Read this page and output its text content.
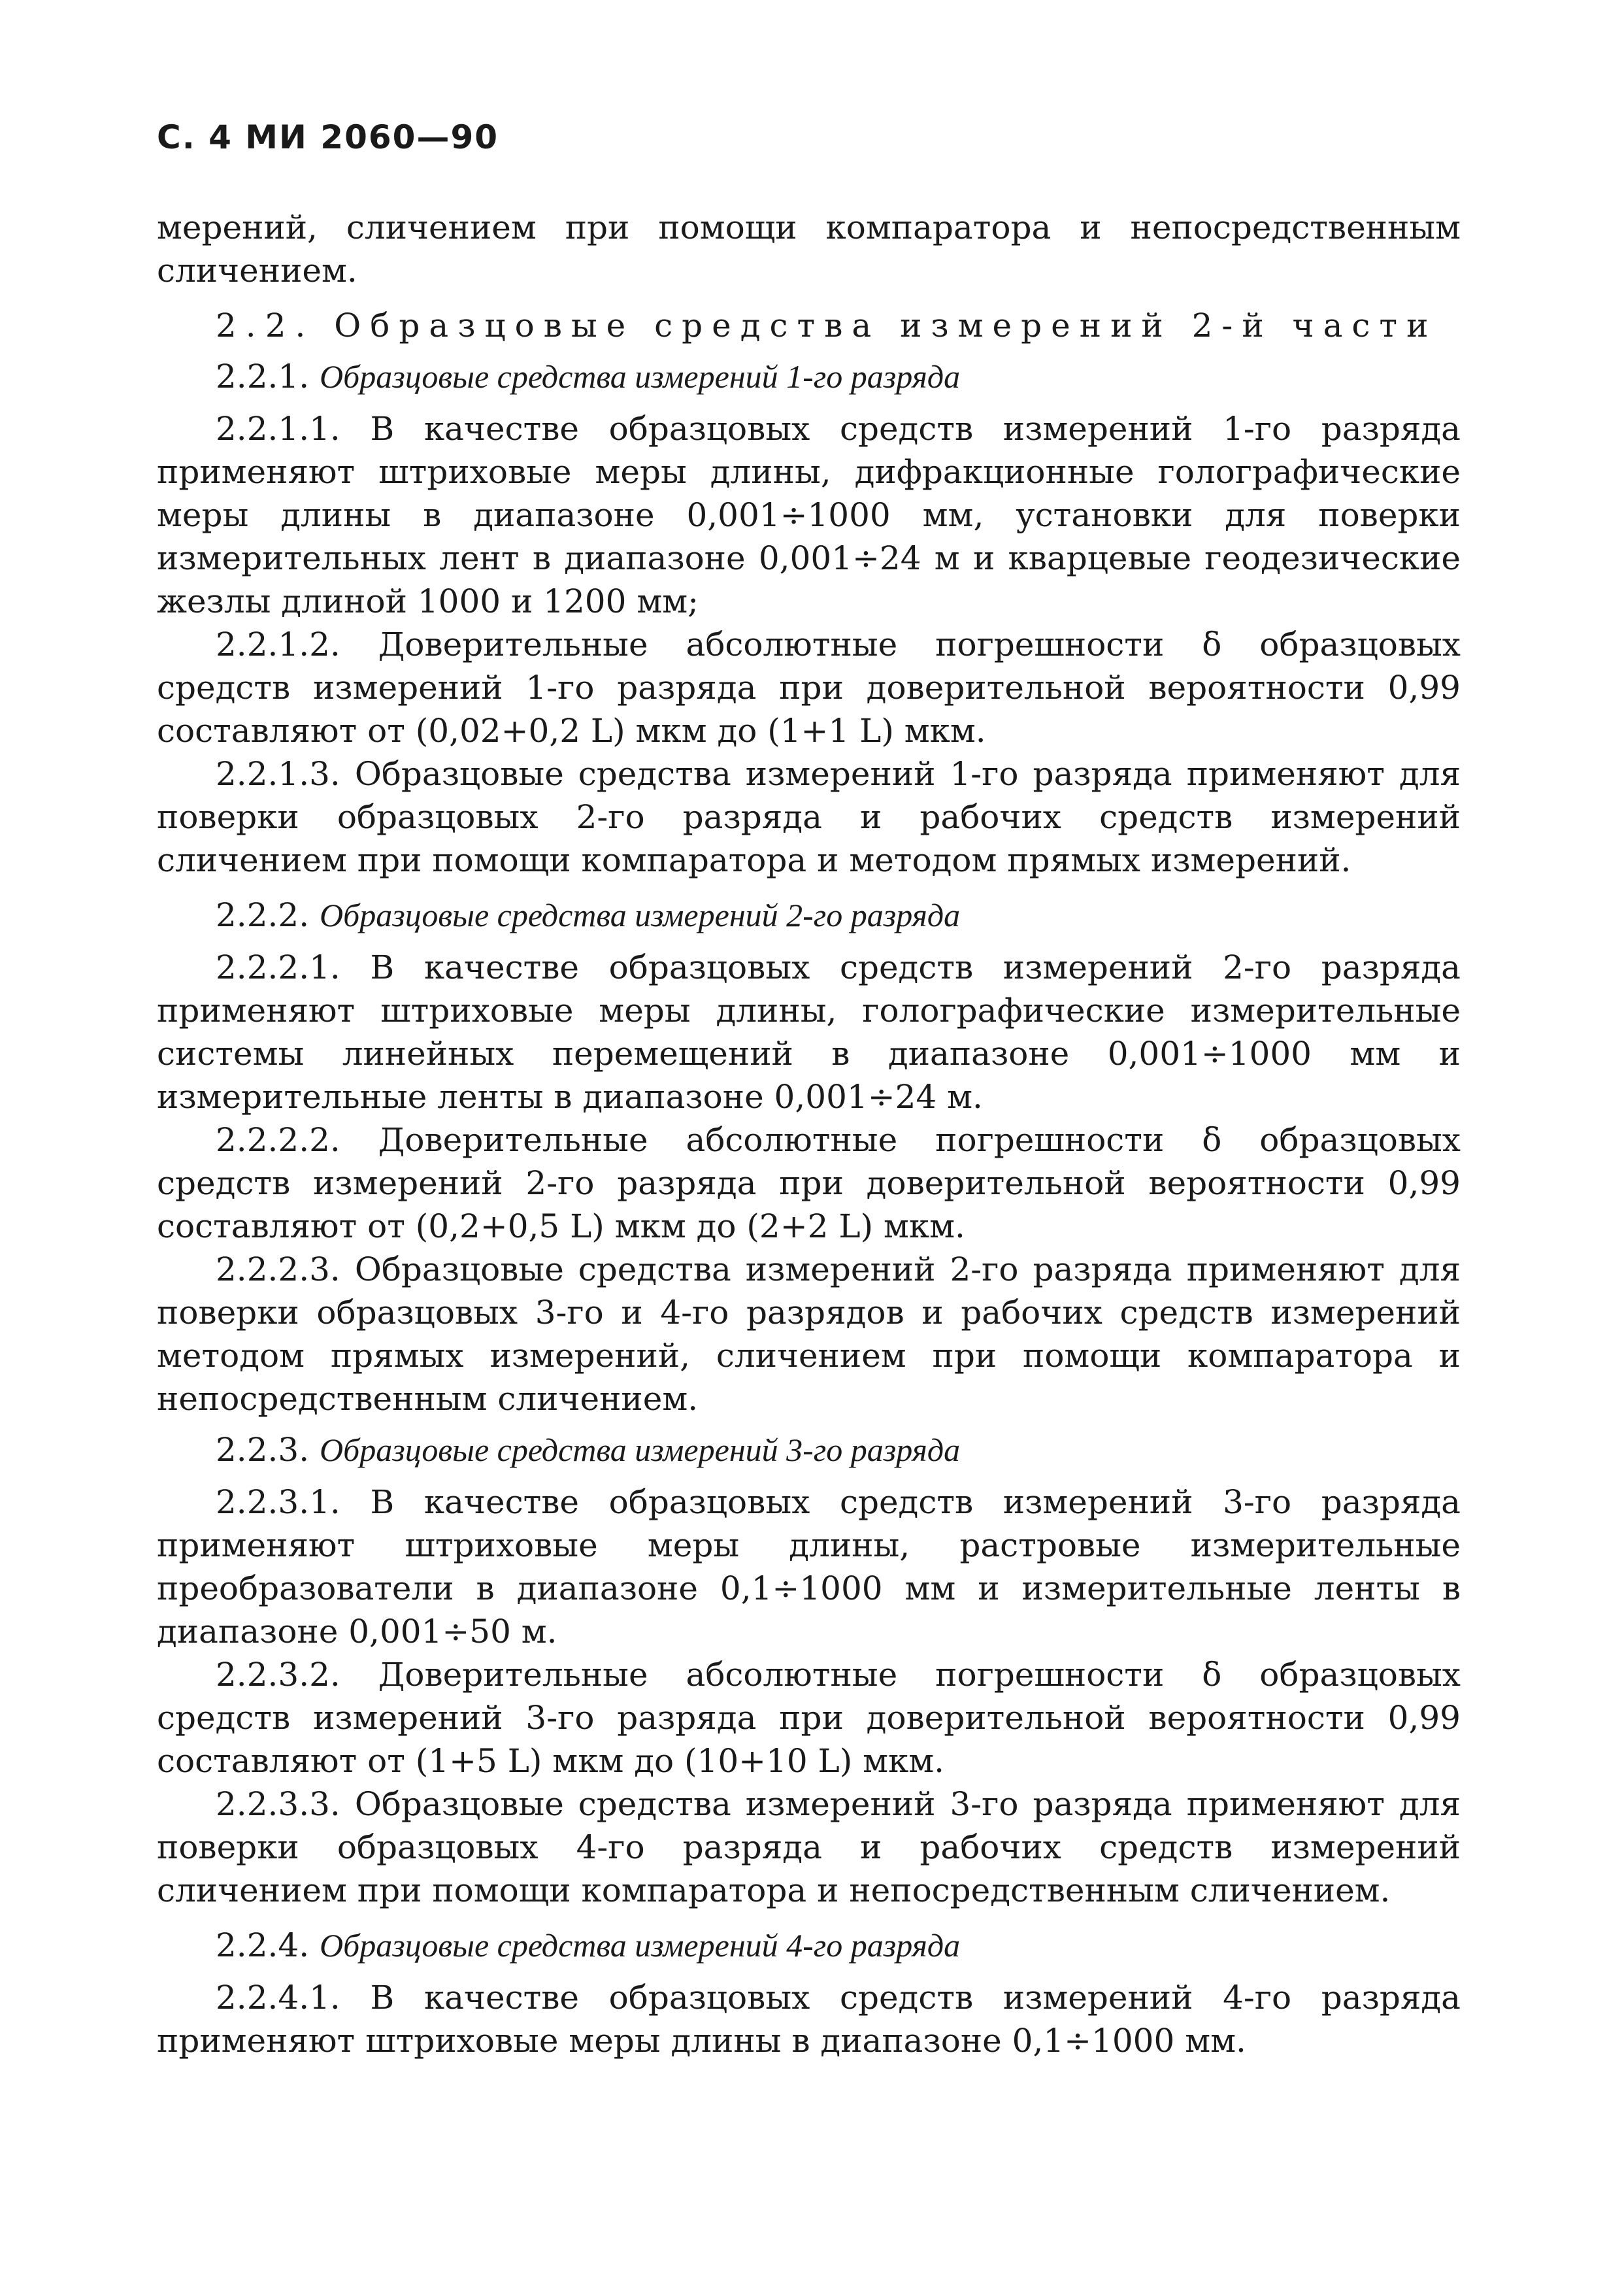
С. 4 МИ 2060—90

мерений, сличением при помощи компаратора и непосредственным сличением.

2.2. Образцовые средства измерений 2-й части

2.2.1. Образцовые средства измерений 1-го разряда

2.2.1.1. В качестве образцовых средств измерений 1-го разряда применяют штриховые меры длины, дифракционные голографические меры длины в диапазоне 0,001÷1000 мм, установки для поверки измерительных лент в диапазоне 0,001÷24 м и кварцевые геодезические жезлы длиной 1000 и 1200 мм;

2.2.1.2. Доверительные абсолютные погрешности δ образцовых средств измерений 1-го разряда при доверительной вероятности 0,99 составляют от (0,02+0,2 L) мкм до (1+1 L) мкм.

2.2.1.3. Образцовые средства измерений 1-го разряда применяют для поверки образцовых 2-го разряда и рабочих средств измерений сличением при помощи компаратора и методом прямых измерений.

2.2.2. Образцовые средства измерений 2-го разряда

2.2.2.1. В качестве образцовых средств измерений 2-го разряда применяют штриховые меры длины, голографические измерительные системы линейных перемещений в диапазоне 0,001÷1000 мм и измерительные ленты в диапазоне 0,001÷24 м.

2.2.2.2. Доверительные абсолютные погрешности δ образцовых средств измерений 2-го разряда при доверительной вероятности 0,99 составляют от (0,2+0,5 L) мкм до (2+2 L) мкм.

2.2.2.3. Образцовые средства измерений 2-го разряда применяют для поверки образцовых 3-го и 4-го разрядов и рабочих средств измерений методом прямых измерений, сличением при помощи компаратора и непосредственным сличением.

2.2.3. Образцовые средства измерений 3-го разряда

2.2.3.1. В качестве образцовых средств измерений 3-го разряда применяют штриховые меры длины, растровые измерительные преобразователи в диапазоне 0,1÷1000 мм и измерительные ленты в диапазоне 0,001÷50 м.

2.2.3.2. Доверительные абсолютные погрешности δ образцовых средств измерений 3-го разряда при доверительной вероятности 0,99 составляют от (1+5 L) мкм до (10+10 L) мкм.

2.2.3.3. Образцовые средства измерений 3-го разряда применяют для поверки образцовых 4-го разряда и рабочих средств измерений сличением при помощи компаратора и непосредственным сличением.

2.2.4. Образцовые средства измерений 4-го разряда

2.2.4.1. В качестве образцовых средств измерений 4-го разряда применяют штриховые меры длины в диапазоне 0,1÷1000 мм.
